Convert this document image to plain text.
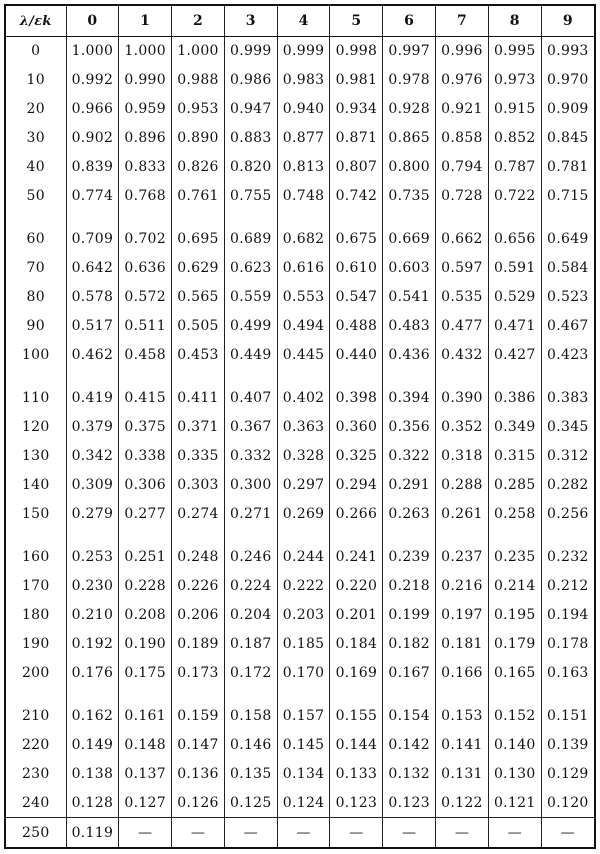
λ/εk	0	1	2	3	4	5	6	7	8	9
0	1.000	1.000	1.000	0.999	0.999	0.998	0.997	0.996	0.995	0.993
10	0.992	0.990	0.988	0.986	0.983	0.981	0.978	0.976	0.973	0.970
20	0.966	0.959	0.953	0.947	0.940	0.934	0.928	0.921	0.915	0.909
30	0.902	0.896	0.890	0.883	0.877	0.871	0.865	0.858	0.852	0.845
40	0.839	0.833	0.826	0.820	0.813	0.807	0.800	0.794	0.787	0.781
50	0.774	0.768	0.761	0.755	0.748	0.742	0.735	0.728	0.722	0.715

60	0.709	0.702	0.695	0.689	0.682	0.675	0.669	0.662	0.656	0.649
70	0.642	0.636	0.629	0.623	0.616	0.610	0.603	0.597	0.591	0.584
80	0.578	0.572	0.565	0.559	0.553	0.547	0.541	0.535	0.529	0.523
90	0.517	0.511	0.505	0.499	0.494	0.488	0.483	0.477	0.471	0.467
100	0.462	0.458	0.453	0.449	0.445	0.440	0.436	0.432	0.427	0.423

110	0.419	0.415	0.411	0.407	0.402	0.398	0.394	0.390	0.386	0.383
120	0.379	0.375	0.371	0.367	0.363	0.360	0.356	0.352	0.349	0.345
130	0.342	0.338	0.335	0.332	0.328	0.325	0.322	0.318	0.315	0.312
140	0.309	0.306	0.303	0.300	0.297	0.294	0.291	0.288	0.285	0.282
150	0.279	0.277	0.274	0.271	0.269	0.266	0.263	0.261	0.258	0.256

160	0.253	0.251	0.248	0.246	0.244	0.241	0.239	0.237	0.235	0.232
170	0.230	0.228	0.226	0.224	0.222	0.220	0.218	0.216	0.214	0.212
180	0.210	0.208	0.206	0.204	0.203	0.201	0.199	0.197	0.195	0.194
190	0.192	0.190	0.189	0.187	0.185	0.184	0.182	0.181	0.179	0.178
200	0.176	0.175	0.173	0.172	0.170	0.169	0.167	0.166	0.165	0.163

210	0.162	0.161	0.159	0.158	0.157	0.155	0.154	0.153	0.152	0.151
220	0.149	0.148	0.147	0.146	0.145	0.144	0.142	0.141	0.140	0.139
230	0.138	0.137	0.136	0.135	0.134	0.133	0.132	0.131	0.130	0.129
240	0.128	0.127	0.126	0.125	0.124	0.123	0.123	0.122	0.121	0.120
250	0.119	—	—	—	—	—	—	—	—	—
